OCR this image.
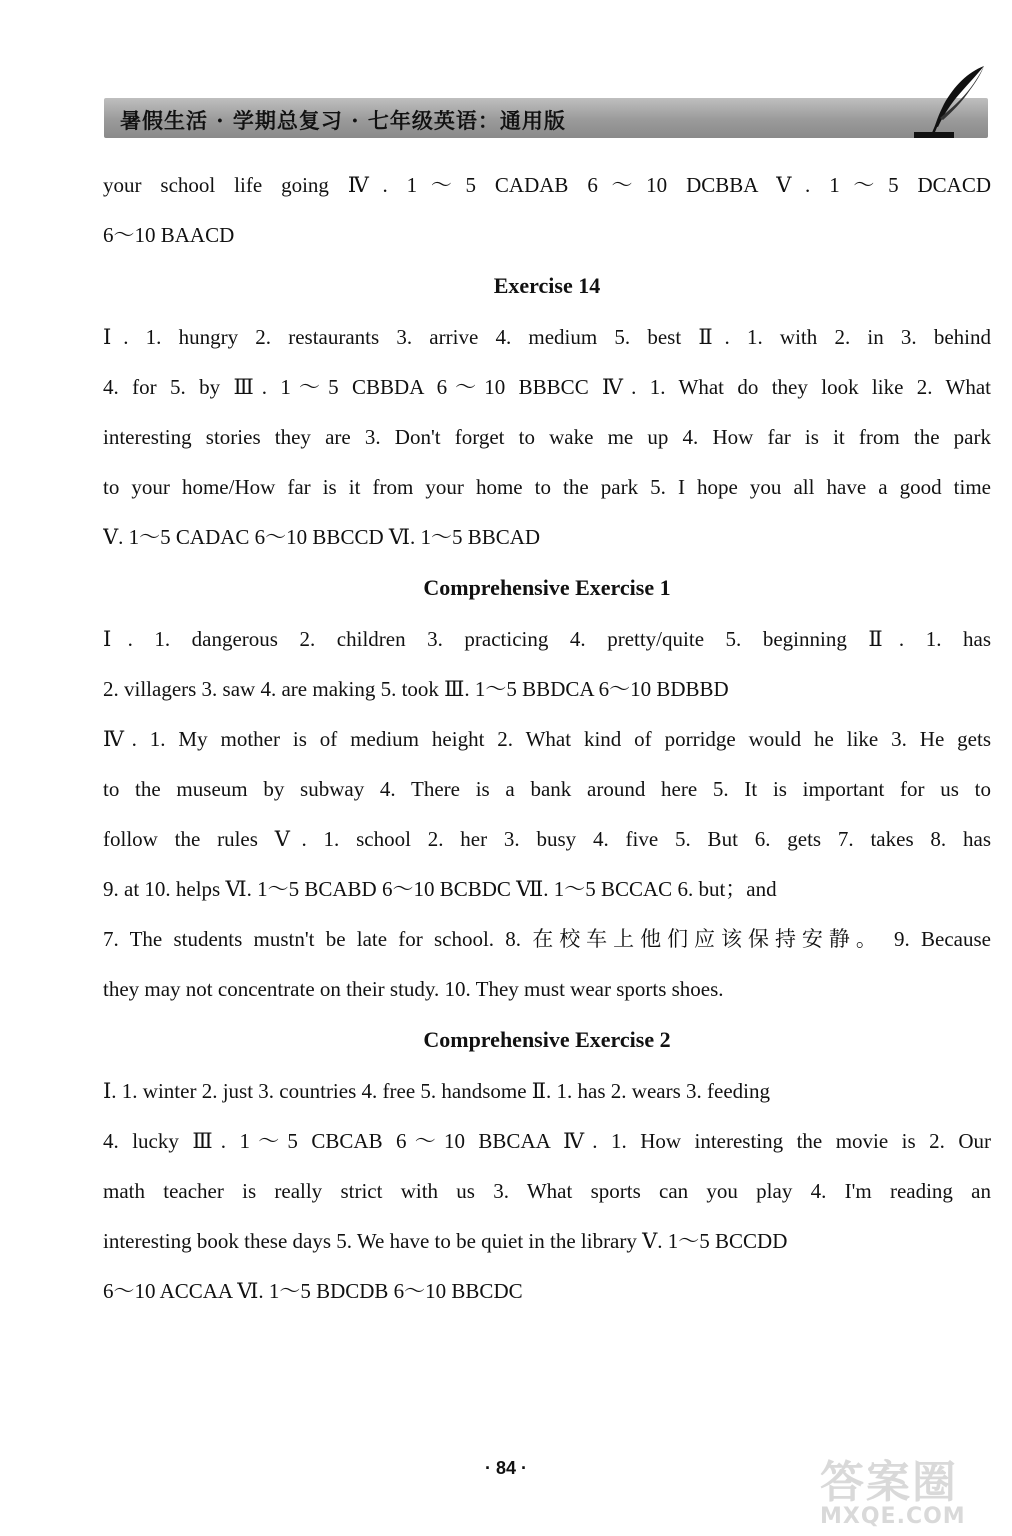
暑假生活 · 学期总复习 · 七年级英语：通用版
your school life going Ⅳ. 1～5 CADAB 6～10 DCBBA Ⅴ. 1～5 DCACD
6～10 BAACD
Exercise 14
Ⅰ. 1. hungry 2. restaurants 3. arrive 4. medium 5. best Ⅱ. 1. with 2. in 3. behind
4. for 5. by Ⅲ. 1～5 CBBDA 6～10 BBBCC Ⅳ. 1. What do they look like 2. What
interesting stories they are 3. Don't forget to wake me up 4. How far is it from the park
to your home/How far is it from your home to the park 5. I hope you all have a good time
Ⅴ. 1～5 CADAC 6～10 BBCCD Ⅵ. 1～5 BBCAD
Comprehensive Exercise 1
Ⅰ. 1. dangerous 2. children 3. practicing 4. pretty/quite 5. beginning Ⅱ. 1. has
2. villagers 3. saw 4. are making 5. took Ⅲ. 1～5 BBDCA 6～10 BDBBD
Ⅳ. 1. My mother is of medium height 2. What kind of porridge would he like 3. He gets
to the museum by subway 4. There is a bank around here 5. It is important for us to
follow the rules Ⅴ. 1. school 2. her 3. busy 4. five 5. But 6. gets 7. takes 8. has
9. at 10. helps Ⅵ. 1～5 BCABD 6～10 BCBDC Ⅶ. 1～5 BCCAC 6. but；and
7. The students mustn't be late for school. 8. 在校车上他们应该保持安静。 9. Because
they may not concentrate on their study. 10. They must wear sports shoes.
Comprehensive Exercise 2
Ⅰ. 1. winter 2. just 3. countries 4. free 5. handsome Ⅱ. 1. has 2. wears 3. feeding
4. lucky Ⅲ. 1～5 CBCAB 6～10 BBCAA Ⅳ. 1. How interesting the movie is 2. Our
math teacher is really strict with us 3. What sports can you play 4. I'm reading an
interesting book these days 5. We have to be quiet in the library Ⅴ. 1～5 BCCDD
6～10 ACCAA Ⅵ. 1～5 BDCDB 6～10 BBCDC
· 84 ·	答案圈
MXQE.COM
